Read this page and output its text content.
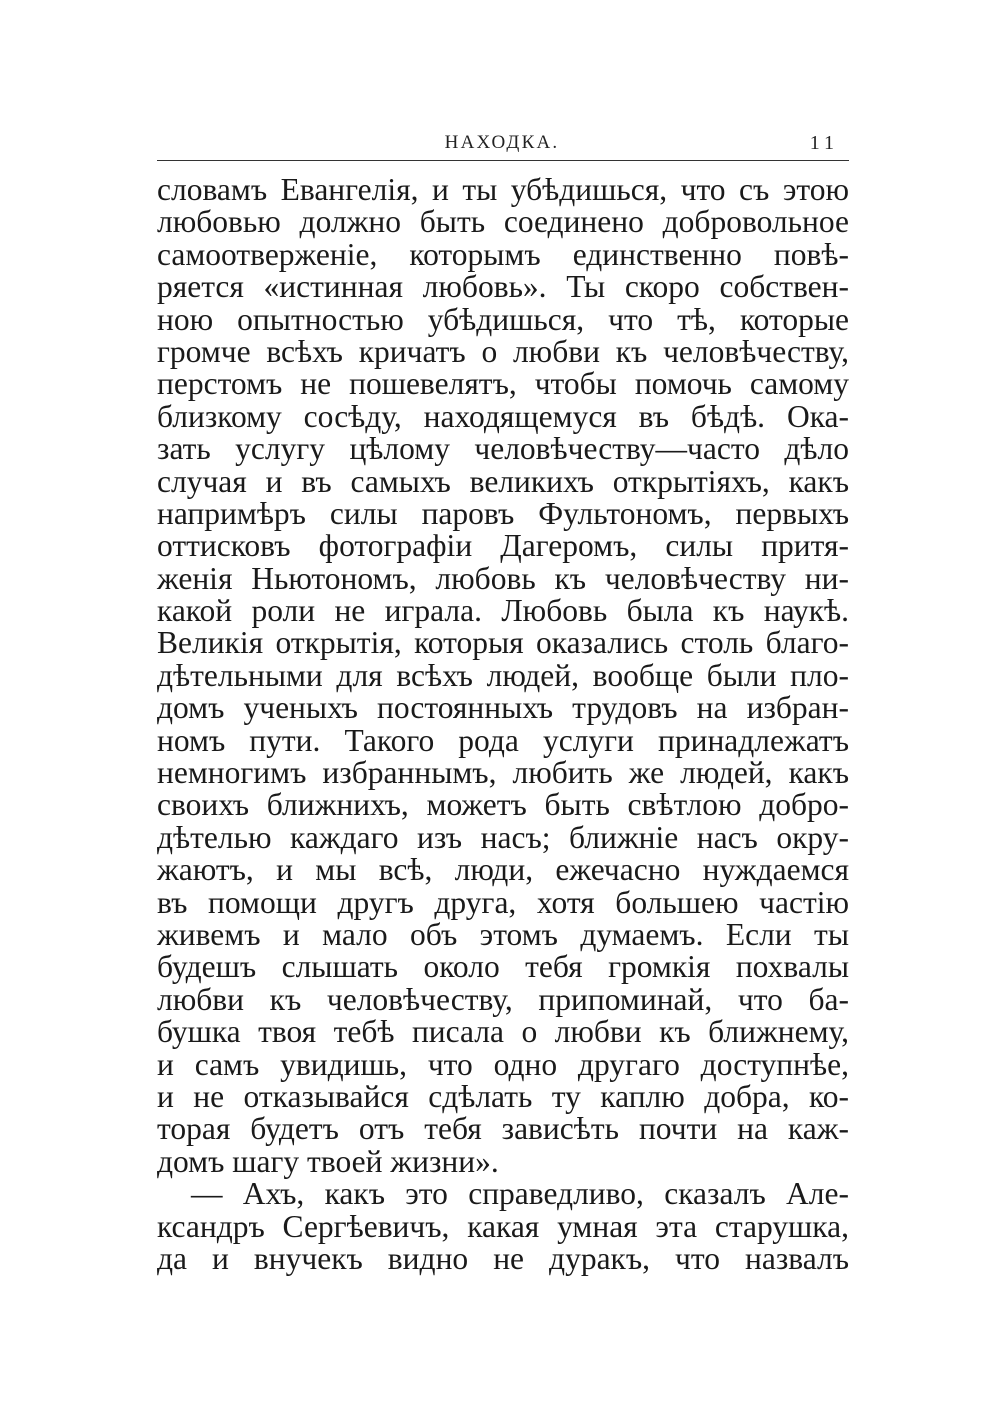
НАХОДКА.	11
словамъ Евангелія, и ты убѣдишься, что съ этою
любовью должно быть соединено добровольное
самоотверженіе, которымъ единственно повѣ-
ряется «истинная любовь». Ты скоро собствен-
ною опытностью убѣдишься, что тѣ, которые
громче всѣхъ кричатъ о любви къ человѣчеству,
перстомъ не пошевелятъ, чтобы помочь самому
близкому сосѣду, находящемуся въ бѣдѣ. Ока-
зать услугу цѣлому человѣчеству—часто дѣло
случая и въ самыхъ великихъ открытіяхъ, какъ
напримѣръ силы паровъ Фультономъ, первыхъ
оттисковъ фотографіи Дагеромъ, силы притя-
женія Ньютономъ, любовь къ человѣчеству ни-
какой роли не играла. Любовь была къ наукѣ.
Великія открытія, которыя оказались столь благо-
дѣтельными для всѣхъ людей, вообще были пло-
домъ ученыхъ постоянныхъ трудовъ на избран-
номъ пути. Такого рода услуги принадлежатъ
немногимъ избраннымъ, любить же людей, какъ
своихъ ближнихъ, можетъ быть свѣтлою добро-
дѣтелью каждаго изъ насъ; ближніе насъ окру-
жаютъ, и мы всѣ, люди, ежечасно нуждаемся
въ помощи другъ друга, хотя большею частію
живемъ и мало объ этомъ думаемъ. Если ты
будешъ слышать около тебя громкія похвалы
любви къ человѣчеству, припоминай, что ба-
бушка твоя тебѣ писала о любви къ ближнему,
и самъ увидишь, что одно другаго доступнѣе,
и не отказывайся сдѣлать ту каплю добра, ко-
торая будетъ отъ тебя зависѣть почти на каж-
домъ шагу твоей жизни».
— Ахъ, какъ это справедливо, сказалъ Але-
ксандръ Сергѣевичъ, какая умная эта старушка,
да и внучекъ видно не дуракъ, что назвалъ
